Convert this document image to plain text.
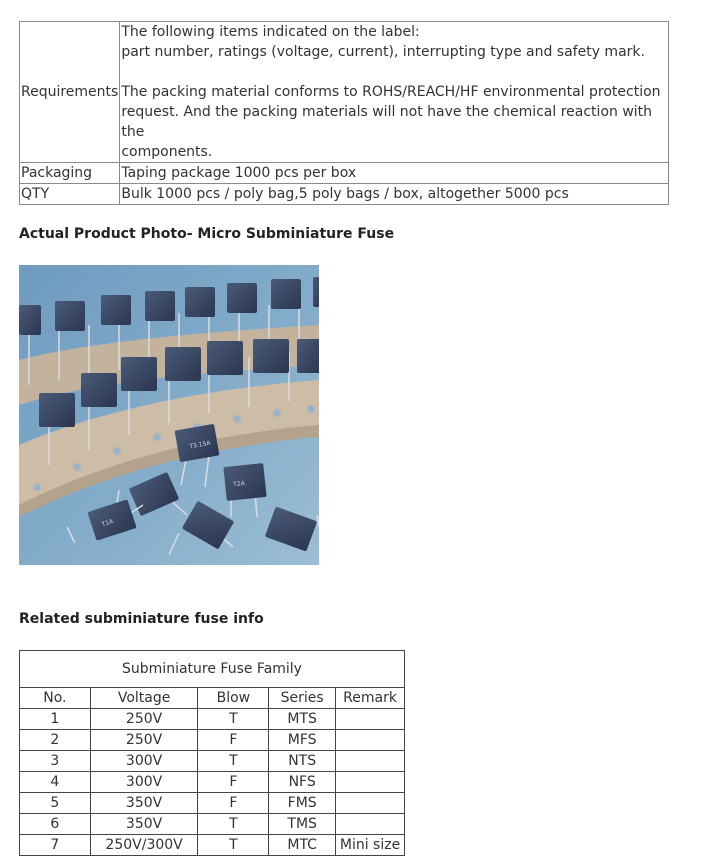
Requirements	The following items indicated on the label:
part number, ratings (voltage, current), interrupting type and safety mark.
The packing material conforms to ROHS/REACH/HF environmental protection
request. And the packing materials will not have the chemical reaction with the
components.

Packaging	Taping package 1000 pcs per box
QTY	Bulk 1000 pcs / poly bag,5 poly bags / box, altogether 5000 pcs
Actual Product Photo- Micro Subminiature Fuse
T3.15A
T2A
T1A
Related subminiature fuse info
Subminiature Fuse Family				
No.	Voltage	Blow	Series	Remark
1	250V	T	MTS	
2	250V	F	MFS	
3	300V	T	NTS	
4	300V	F	NFS	
5	350V	F	FMS	
6	350V	T	TMS	
7	250V/300V	T	MTC	Mini size
